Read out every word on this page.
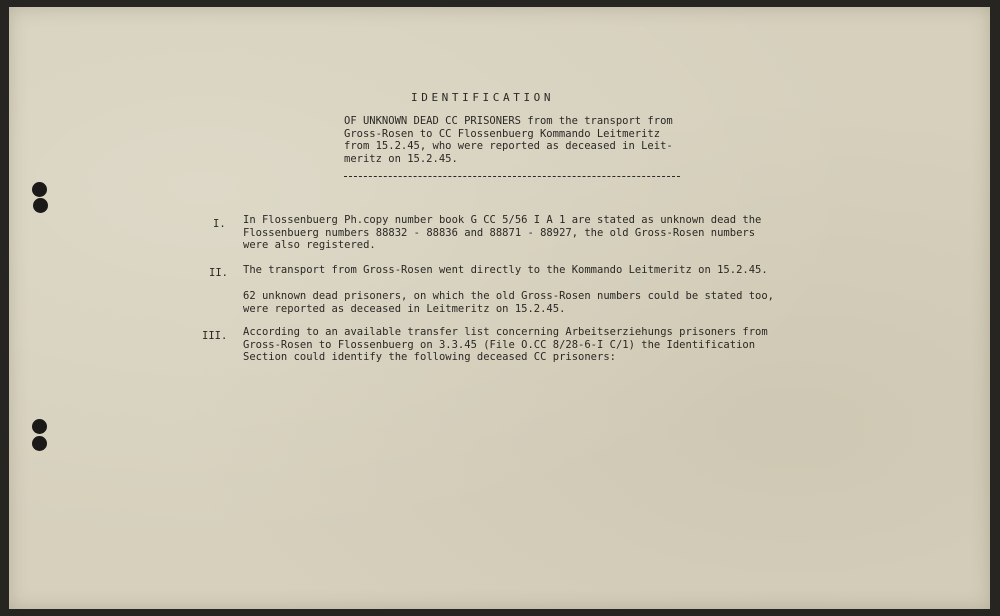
IDENTIFICATION
OF UNKNOWN DEAD CC PRISONERS from the transport from
Gross-Rosen to CC Flossenbuerg Kommando Leitmeritz
from 15.2.45, who were reported as deceased in Leit-
meritz on 15.2.45.
I. In Flossenbuerg Ph.copy number book G CC 5/56 I A 1 are stated as unknown dead the
Flossenbuerg numbers 88832 - 88836 and 88871 - 88927, the old Gross-Rosen numbers
were also registered.
II. The transport from Gross-Rosen went directly to the Kommando Leitmeritz on 15.2.45.
62 unknown dead prisoners, on which the old Gross-Rosen numbers could be stated too,
were reported as deceased in Leitmeritz on 15.2.45.
III. According to an available transfer list concerning Arbeitserziehungs prisoners from
Gross-Rosen to Flossenbuerg on 3.3.45 (File O.CC 8/28-6-I C/1) the Identification
Section could identify the following deceased CC prisoners:
